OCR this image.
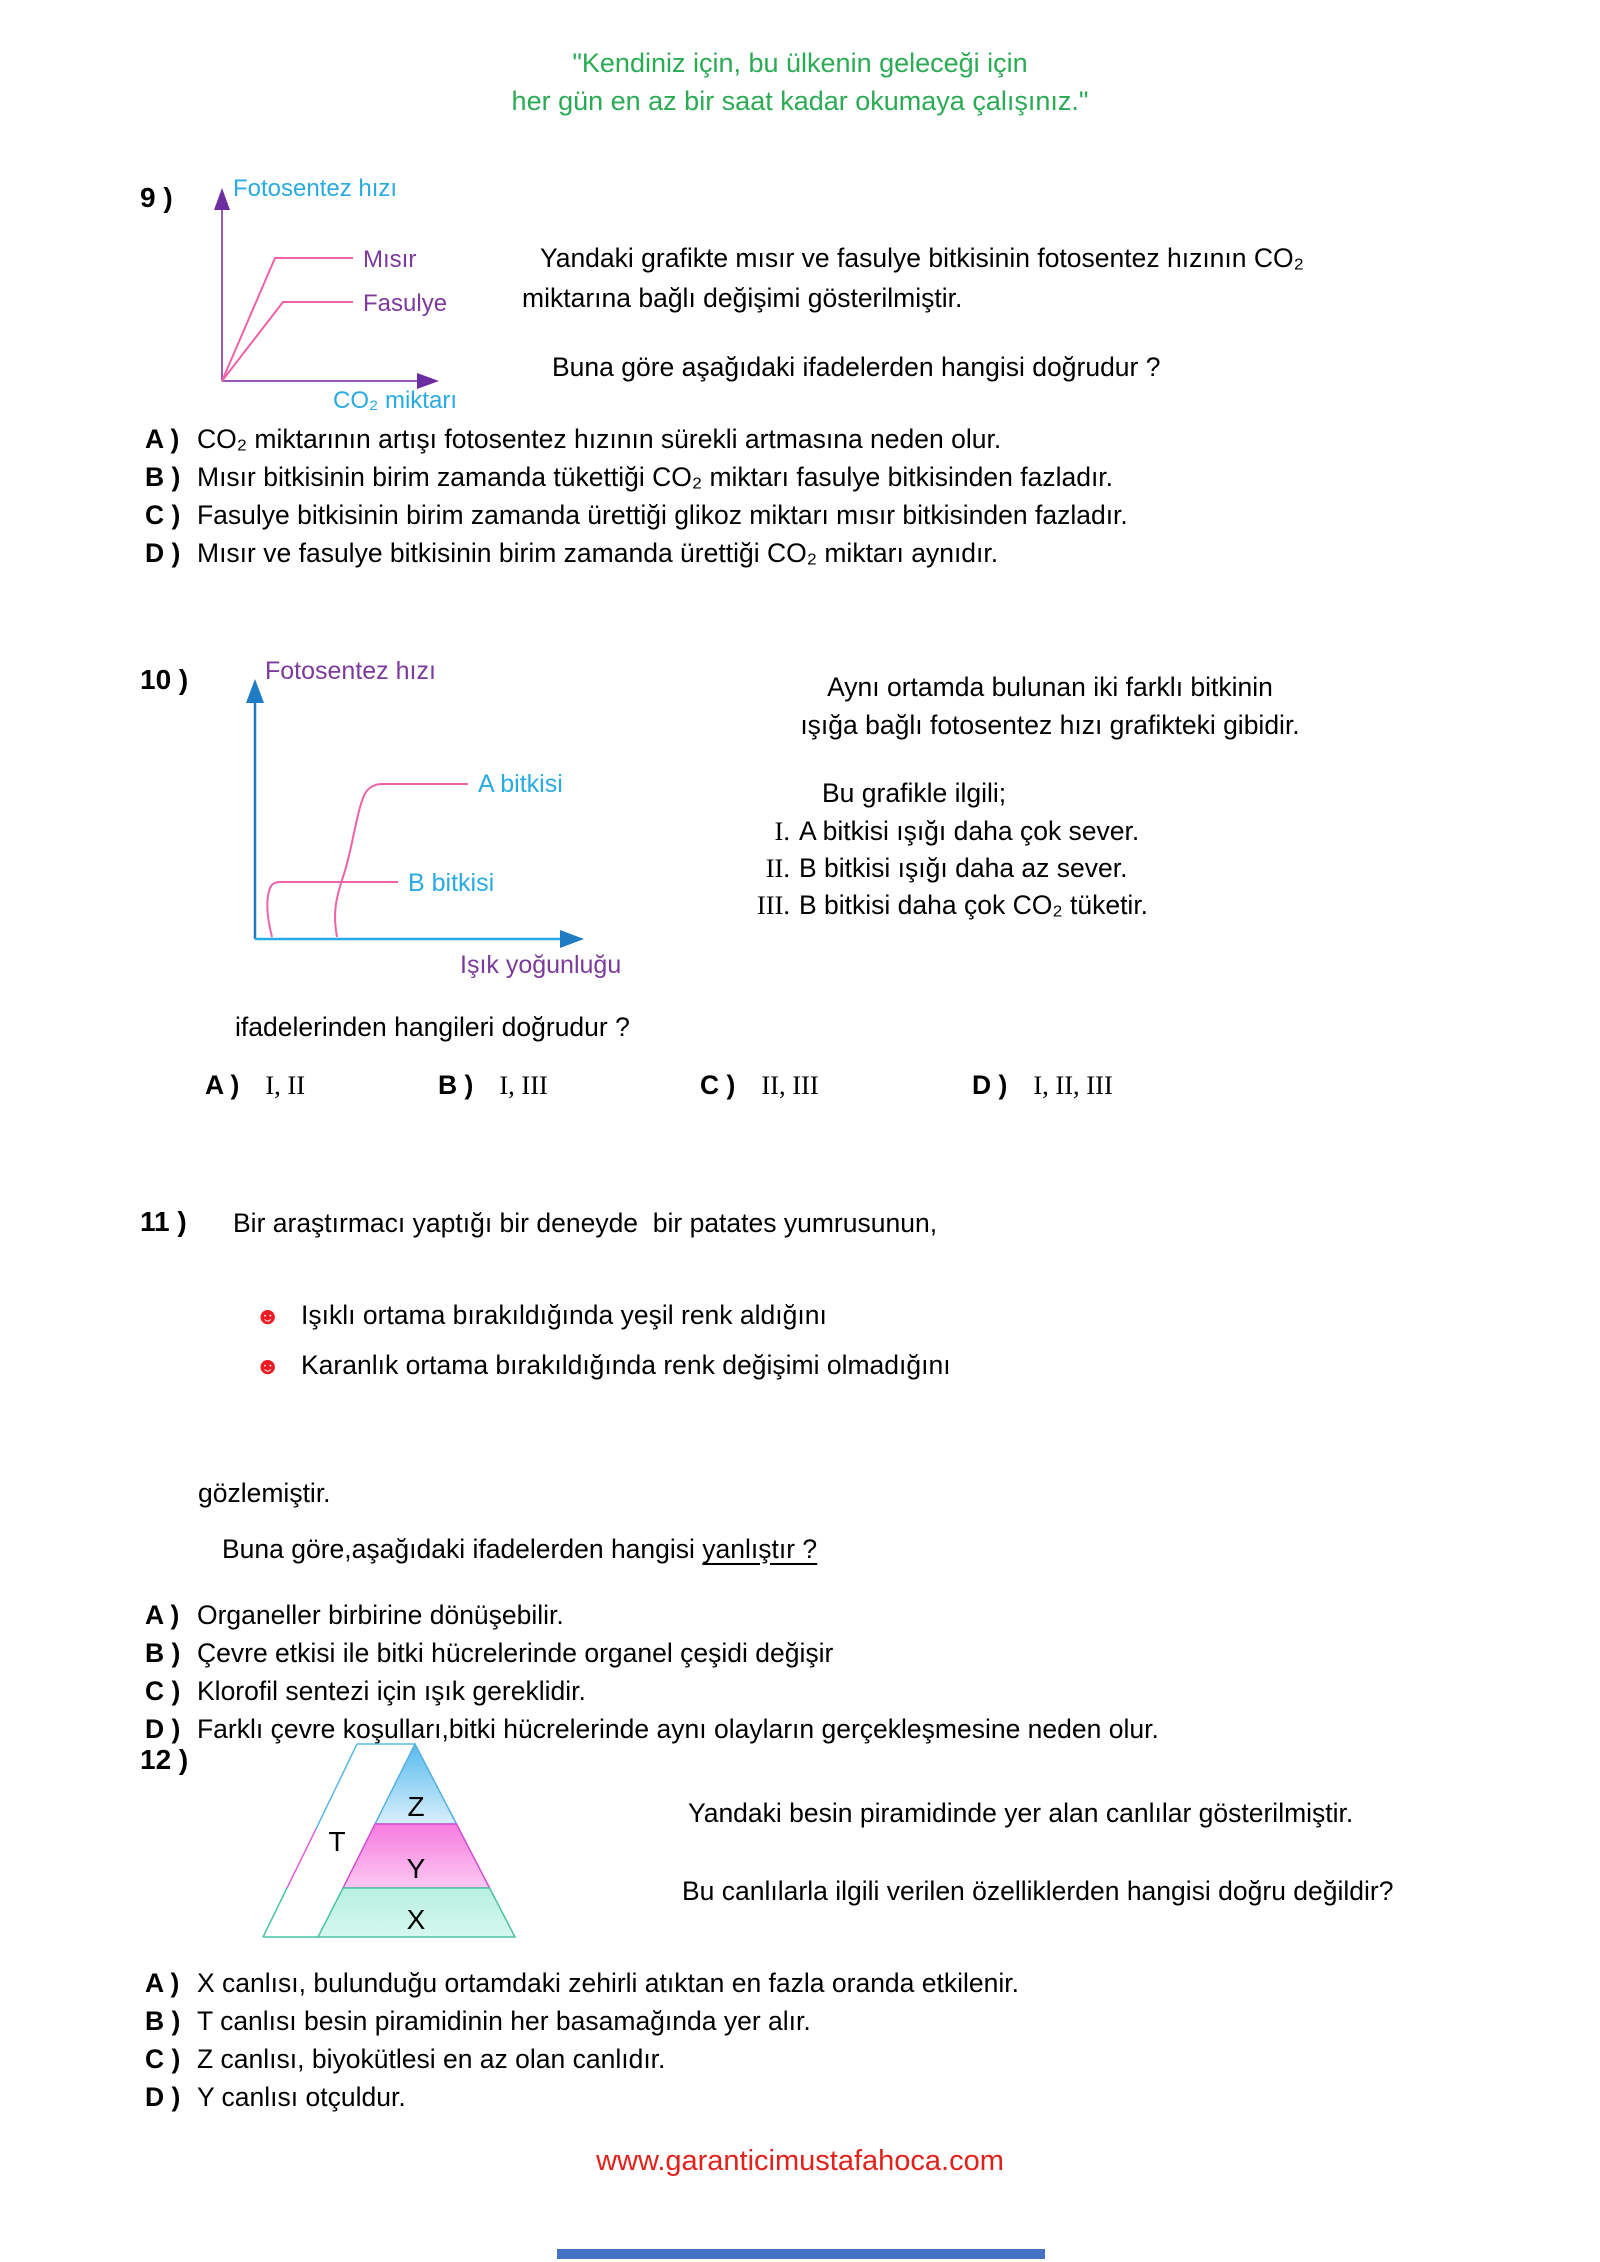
"Kendiniz için, bu ülkenin geleceği için
her gün en az bir saat kadar okumaya çalışınız."
9 )	Fotosentez hızı
Mısır
Fasulye
CO₂ miktarı
Yandaki grafikte mısır ve fasulye bitkisinin fotosentez hızının CO₂
miktarına bağlı değişimi gösterilmiştir.
Buna göre aşağıdaki ifadelerden hangisi doğrudur ?
A ) CO₂ miktarının artışı fotosentez hızının sürekli artmasına neden olur.
B ) Mısır bitkisinin birim zamanda tükettiği CO₂ miktarı fasulye bitkisinden fazladır.
C ) Fasulye bitkisinin birim zamanda ürettiği glikoz miktarı mısır bitkisinden fazladır.
D ) Mısır ve fasulye bitkisinin birim zamanda ürettiği CO₂ miktarı aynıdır.
10 )	Fotosentez hızı
A bitkisi
B bitkisi
Işık yoğunluğu
Aynı ortamda bulunan iki farklı bitkinin
ışığa bağlı fotosentez hızı grafikteki gibidir.
Bu grafikle ilgili;
I. A bitkisi ışığı daha çok sever.
II. B bitkisi ışığı daha az sever.
III. B bitkisi daha çok CO₂ tüketir.
ifadelerinden hangileri doğrudur ?
A ) I, II	B ) I, III	C ) II, III	D ) I, II, III
11 ) Bir araştırmacı yaptığı bir deneyde  bir patates yumrusunun,
☻ Işıklı ortama bırakıldığında yeşil renk aldığını
☻ Karanlık ortama bırakıldığında renk değişimi olmadığını
gözlemiştir.
Buna göre,aşağıdaki ifadelerden hangisi yanlıştır ?
A ) Organeller birbirine dönüşebilir.
B ) Çevre etkisi ile bitki hücrelerinde organel çeşidi değişir
C ) Klorofil sentezi için ışık gereklidir.
D ) Farklı çevre koşulları,bitki hücrelerinde aynı olayların gerçekleşmesine neden olur.
12 )
Z
Y
X
T
Yandaki besin piramidinde yer alan canlılar gösterilmiştir.
Bu canlılarla ilgili verilen özelliklerden hangisi doğru değildir?
A ) X canlısı, bulunduğu ortamdaki zehirli atıktan en fazla oranda etkilenir.
B ) T canlısı besin piramidinin her basamağında yer alır.
C ) Z canlısı, biyokütlesi en az olan canlıdır.
D ) Y canlısı otçuldur.
www.garanticimustafahoca.com
